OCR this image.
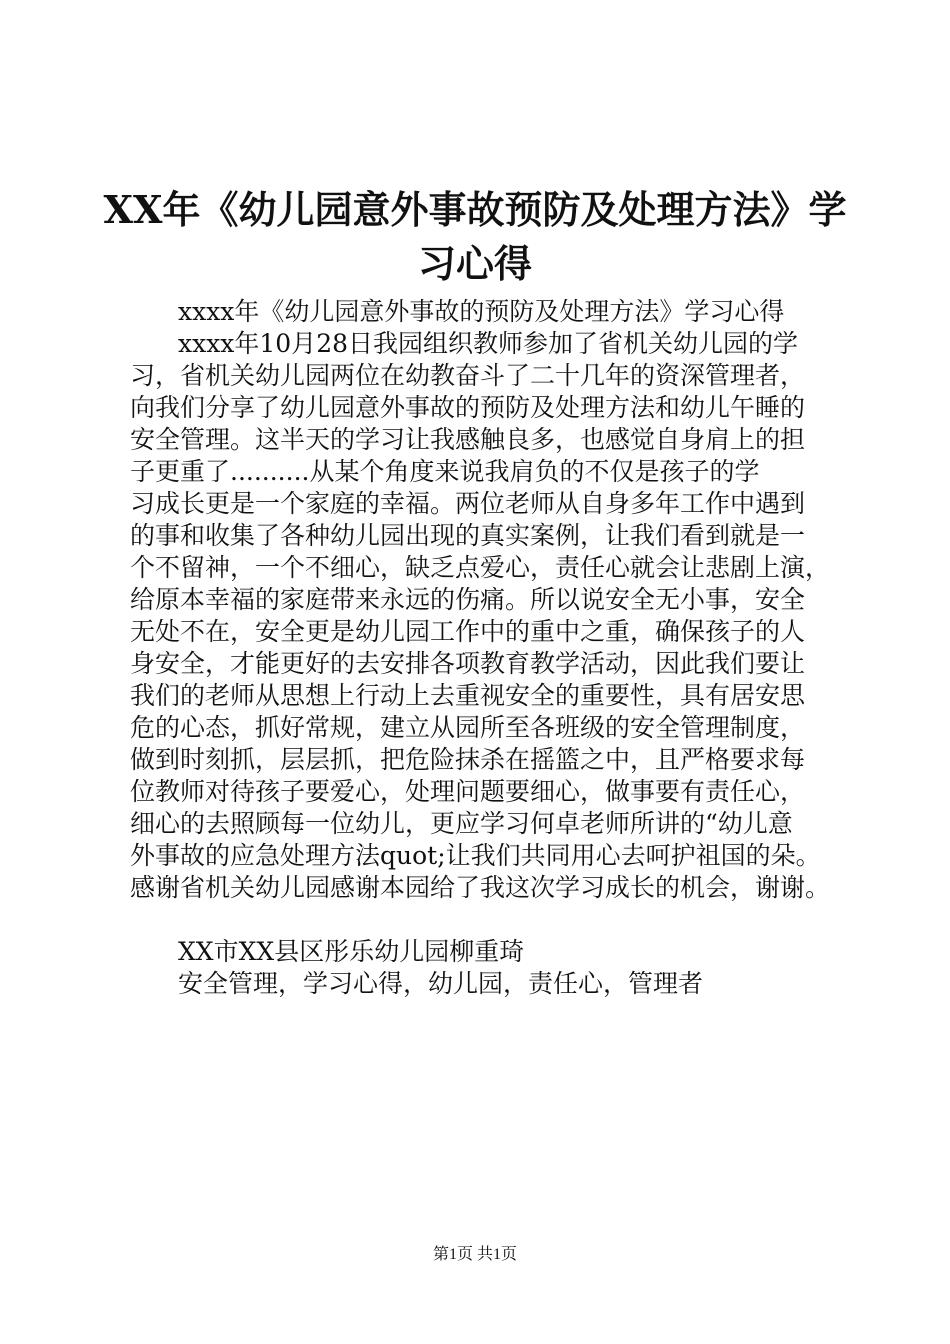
XX年《幼儿园意外事故预防及处理方法》学
习心得
xxxx年《幼儿园意外事故的预防及处理方法》学习心得
xxxx年10月28日我园组织教师参加了省机关幼儿园的学
习，省机关幼儿园两位在幼教奋斗了二十几年的资深管理者，
向我们分享了幼儿园意外事故的预防及处理方法和幼儿午睡的
安全管理。这半天的学习让我感触良多，也感觉自身肩上的担
子更重了..........从某个角度来说我肩负的不仅是孩子的学
习成长更是一个家庭的幸福。两位老师从自身多年工作中遇到
的事和收集了各种幼儿园出现的真实案例，让我们看到就是一
个不留神，一个不细心，缺乏点爱心，责任心就会让悲剧上演，
给原本幸福的家庭带来永远的伤痛。所以说安全无小事，安全
无处不在，安全更是幼儿园工作中的重中之重，确保孩子的人
身安全，才能更好的去安排各项教育教学活动，因此我们要让
我们的老师从思想上行动上去重视安全的重要性，具有居安思
危的心态，抓好常规，建立从园所至各班级的安全管理制度，
做到时刻抓，层层抓，把危险抹杀在摇篮之中，且严格要求每
位教师对待孩子要爱心，处理问题要细心，做事要有责任心，
细心的去照顾每一位幼儿，更应学习何卓老师所讲的“幼儿意
外事故的应急处理方法quot;让我们共同用心去呵护祖国的朵。
感谢省机关幼儿园感谢本园给了我这次学习成长的机会，谢谢。
XX市XX县区彤乐幼儿园柳重琦
安全管理，学习心得，幼儿园，责任心，管理者
第1页 共1页
